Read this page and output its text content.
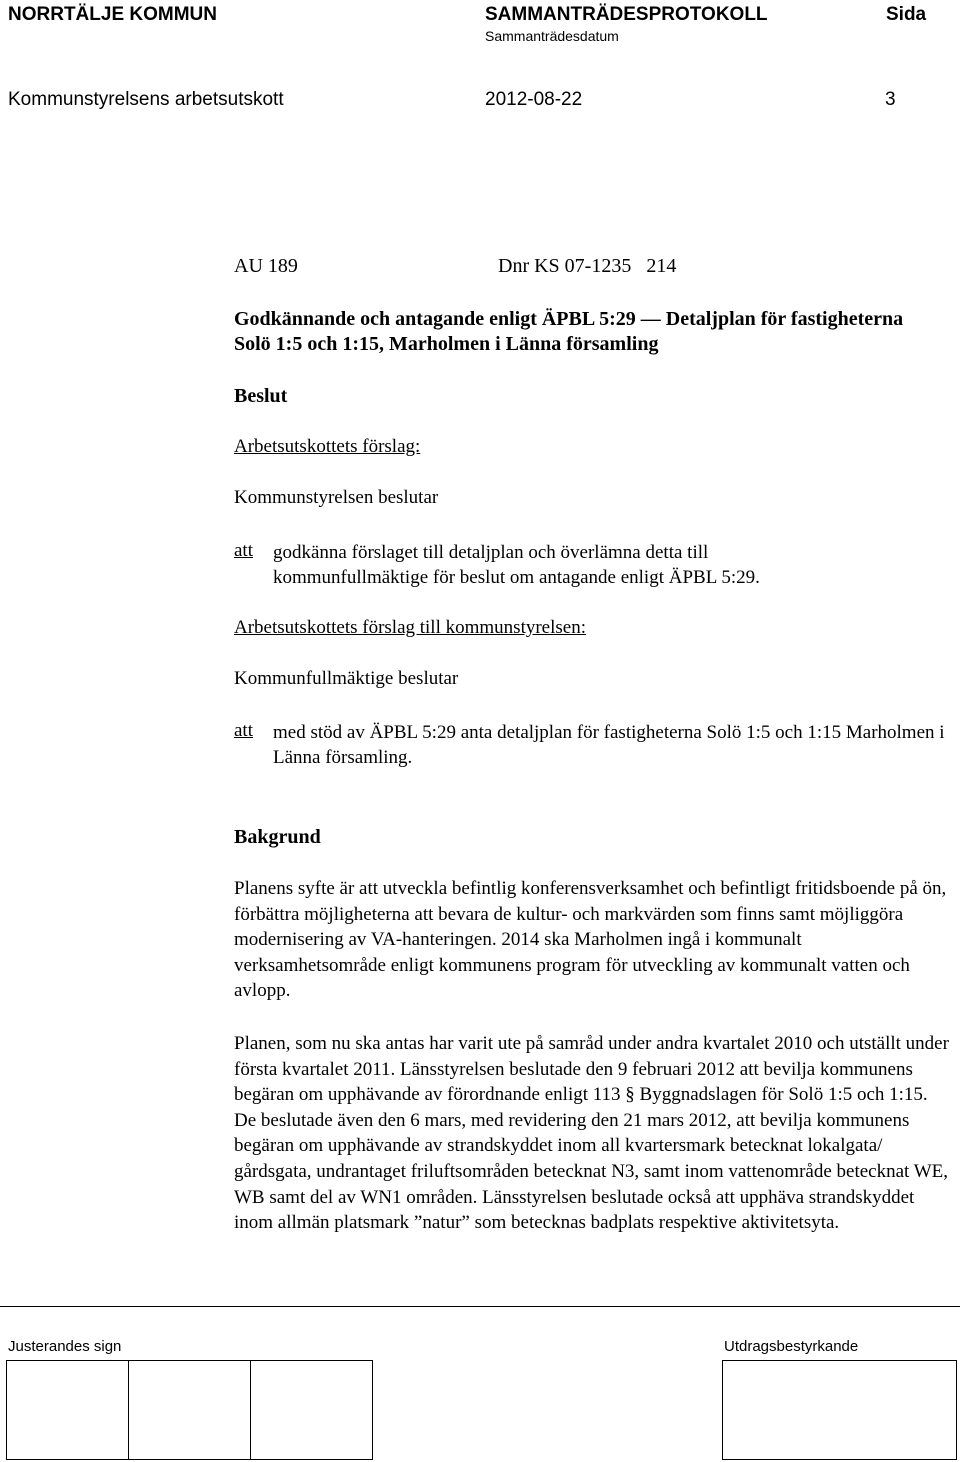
NORRTÄLJE KOMMUN	SAMMANTRÄDESPROTOKOLL
Sammanträdesdatum
Sida
Kommunstyrelsens arbetsutskott	2012-08-22	3
AU 189	Dnr KS 07-1235   214
Godkännande och antagande enligt ÄPBL 5:29 — Detaljplan för fastigheterna Solö 1:5 och 1:15, Marholmen i Länna församling
Beslut
Arbetsutskottets förslag:
Kommunstyrelsen beslutar
att godkänna förslaget till detaljplan och överlämna detta till kommunfullmäktige för beslut om antagande enligt ÄPBL 5:29.
Arbetsutskottets förslag till kommunstyrelsen:
Kommunfullmäktige beslutar
att med stöd av ÄPBL 5:29 anta detaljplan för fastigheterna Solö 1:5 och 1:15 Marholmen i Länna församling.
Bakgrund
Planens syfte är att utveckla befintlig konferensverksamhet och befintligt fritidsboende på ön, förbättra möjligheterna att bevara de kultur- och markvärden som finns samt möjliggöra modernisering av VA-hanteringen. 2014 ska Marholmen ingå i kommunalt verksamhetsområde enligt kommunens program för utveckling av kommunalt vatten och avlopp.
Planen, som nu ska antas har varit ute på samråd under andra kvartalet 2010 och utställt under första kvartalet 2011. Länsstyrelsen beslutade den 9 februari 2012 att bevilja kommunens begäran om upphävande av förordnande enligt 113 § Byggnadslagen för Solö 1:5 och 1:15. De beslutade även den 6 mars, med revidering den 21 mars 2012, att bevilja kommunens begäran om upphävande av strandskyddet inom all kvartersmark betecknat lokalgata/ gårdsgata, undrantaget friluftsområden betecknat N3, samt inom vattenområde betecknat WE, WB samt del av WN1 områden. Länsstyrelsen beslutade också att upphäva strandskyddet inom allmän platsmark ”natur” som betecknas badplats respektive aktivitetsyta.
Justerandes sign	Utdragsbestyrkande
